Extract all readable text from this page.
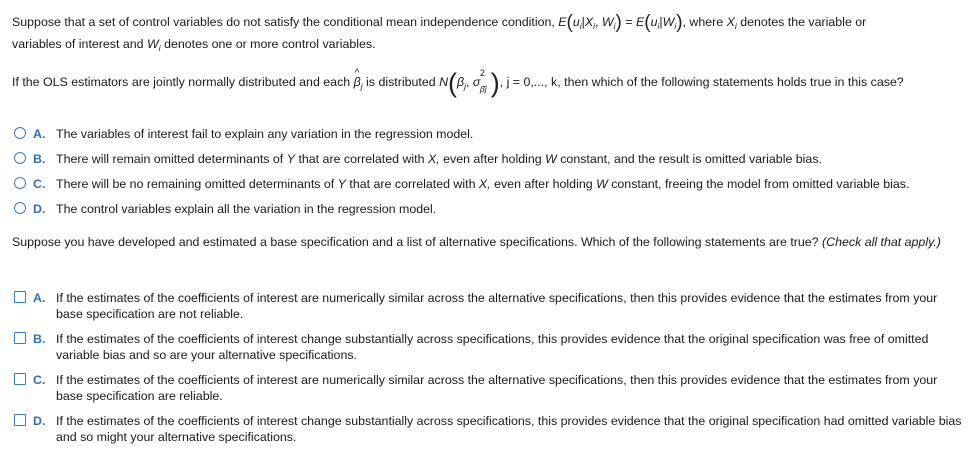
Suppose that a set of control variables do not satisfy the conditional mean independence condition, $E(u_i|X_i$, $W_i) = E(u_i|W_i)$, where $X_i$ denotes the variable or
variables of interest and $W_i$ denotes one or more control variables.
If the OLS estimators are jointly normally distributed and each ^ $\beta_j$ is distributed $N(\beta_j$, σ
2
β̂j ), j = 0,..., k, then which of the following statements holds true in this case?
A. The variables of interest fail to explain any variation in the regression model.
B. There will remain omitted determinants of Y that are correlated with X, even after holding W constant, and the result is omitted variable bias.
C. There will be no remaining omitted determinants of Y that are correlated with X, even after holding W constant, freeing the model from omitted variable bias.
D. The control variables explain all the variation in the regression model.
Suppose you have developed and estimated a base specification and a list of alternative specifications. Which of the following statements are true? (Check all that apply.)
A. If the estimates of the coefficients of interest are numerically similar across the alternative specifications, then this provides evidence that the estimates from your base specification are not reliable.
B. If the estimates of the coefficients of interest change substantially across specifications, this provides evidence that the original specification was free of omitted variable bias and so are your alternative specifications.
C. If the estimates of the coefficients of interest are numerically similar across the alternative specifications, then this provides evidence that the estimates from your base specification are reliable.
D. If the estimates of the coefficients of interest change substantially across specifications, this provides evidence that the original specification had omitted variable bias and so might your alternative specifications.
